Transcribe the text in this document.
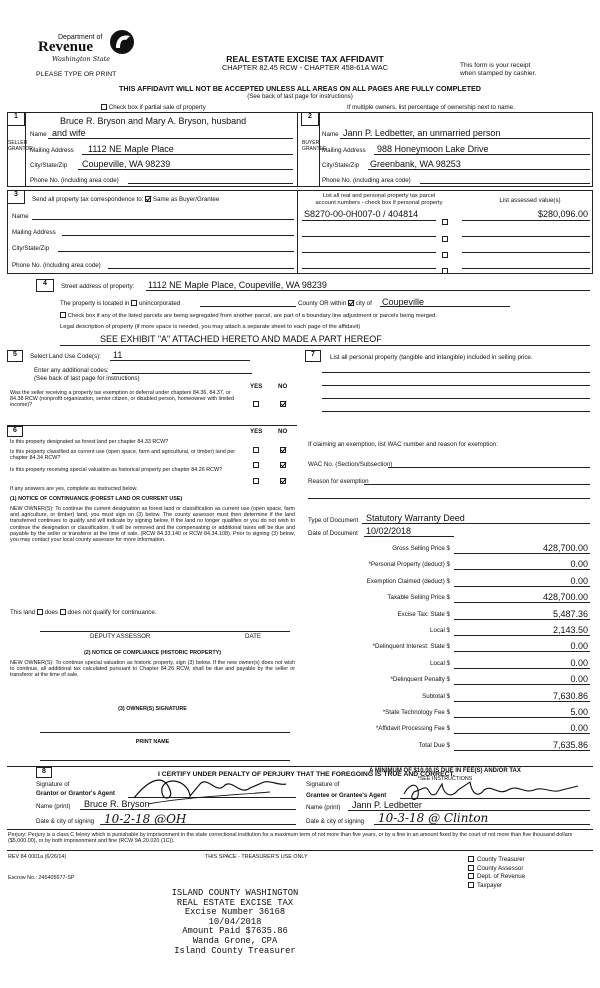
Department of
Revenue
Washington State
PLEASE TYPE OR PRINT
REAL ESTATE EXCISE TAX AFFIDAVIT
CHAPTER 82.45 RCW - CHAPTER 458-61A WAC	This form is your receipt
when stamped by cashier.
THIS AFFIDAVIT WILL NOT BE ACCEPTED UNLESS ALL AREAS ON ALL PAGES ARE FULLY COMPLETED
(See back of last page for instructions)
Check box if partial sale of property	If multiple owners, list percentage of ownership next to name.
1
SELLER GRANTOR
Bruce R. Bryson and Mary A. Bryson, husband
Name and wife
Mailing Address 1112 NE Maple Place
City/State/Zip Coupeville, WA 98239
Phone No. (including area code)
2
BUYER GRANTEE
Name Jann P. Ledbetter, an unmarried person
Mailing Address 988 Honeymoon Lake Drive
City/State/Zip Greenbank, WA 98253
Phone No. (including area code)
3
Send all property tax correspondence to: Same as Buyer/Grantee
Name
Mailing Address
City/State/Zip
Phone No. (including area code)
List all real and personal property tax parcel
account numbers - check box if personal property	List assessed value(s)
S8270-00-0H007-0 / 404814	$280,096.00
4	Street address of property: 1112 NE Maple Place, Coupeville, WA 98239
The property is located in unincorporated	County OR within city of Coupeville
Check box if any of the listed parcels are being segregated from another parcel, are part of a boundary line adjustment or parcels being merged.
Legal description of property (if more space is needed, you may attach a separate sheet to each page of the affidavit)
SEE EXHIBIT "A" ATTACHED HERETO AND MADE A PART HEREOF
5	Select Land Use Code(s): 11
Enter any additional codes:
(See back of last page for instructions)
YES	NO
Was the seller receiving a property tax exemption or deferral under chapters 84.36, 84.37, or 84.38 RCW (nonprofit organization, senior citizen, or disabled person, homeowner with limited income)?
7	List all personal property (tangible and intangible) included in selling price.
6	YES	NO
Is this property designated as forest land per chapter 84.33 RCW?
Is this property classified as current use (open space, farm and agricultural, or timber) land per chapter 84.34 RCW?
Is this property receiving special valuation as historical property per chapter 84.26 RCW?
If any answers are yes, complete as instructed below.
(1) NOTICE OF CONTINUANCE (FOREST LAND OR CURRENT USE)
NEW OWNER(S): To continue the current designation as forest land or classification as current use (open space, farm and agriculture, or timber) land, you must sign on (3) below. The county assessor must then determine if the land transferred continues to qualify and will indicate by signing below. If the land no longer qualifies or you do not wish to continue the designation or classification, it will be removed and the compensating or additional taxes will be due and payable by the seller or transferor at the time of sale. (RCW 84.33.140 or RCW 84.34.108). Prior to signing (3) below, you may contact your local county assessor for more information.
This land does does not qualify for continuance.
DEPUTY ASSESSOR	DATE
(2) NOTICE OF COMPLIANCE (HISTORIC PROPERTY)
NEW OWNER(S): To continue special valuation as historic property, sign (3) below. If the new owner(s) does not wish to continue, all additional tax calculated pursuant to Chapter 84.26 RCW, shall be due and payable by the seller or transferor at the time of sale.
(3) OWNER(S) SIGNATURE
PRINT NAME
If claiming an exemption, list WAC number and reason for exemption:
WAC No. (Section/Subsection)
Reason for exemption
Type of Document Statutory Warranty Deed
Date of Document 10/02/2018
Gross Selling Price $	428,700.00
*Personal Property (deduct) $	0.00
Exemption Claimed (deduct) $	0.00
Taxable Selling Price $	428,700.00
Excise Tax: State $	5,487.36
Local $	2,143.50
*Delinquent Interest: State $	0.00
Local $	0.00
*Delinquent Penalty $	0.00
Subtotal $	7,630.86
*State Technology Fee $	5.00
*Affidavit Processing Fee $	0.00
Total Due $	7,635.86
A MINIMUM OF $10.00 IS DUE IN FEE(S) AND/OR TAX
*SEE INSTRUCTIONS
8	I CERTIFY UNDER PENALTY OF PERJURY THAT THE FOREGOING IS TRUE AND CORRECT.
Signature of
Grantor or Grantor's Agent
Name (print) Bruce R. Bryson
Date & city of signing 10-2-18 @OH
Signature of
Grantee or Grantee's Agent
Name (print) Jann P. Ledbetter
Date & city of signing 10-3-18 @ Clinton
Perjury: Perjury is a class C felony which is punishable by imprisonment in the state correctional institution for a maximum term of not more than five years, or by a fine in an amount fixed by the court of not more than five thousand dollars ($5,000.00), or by both imprisonment and fine (RCW 9A.20.020 (1C)).
REV 84 0001a (6/26/14)	THIS SPACE - TREASURER'S USE ONLY
Escrow No.: 245405677-SP
County Treasurer
County Assessor
Dept. of Revenue
Taxpayer
ISLAND COUNTY WASHINGTON
REAL ESTATE EXCISE TAX
Excise Number 36168
10/04/2018
Amount Paid $7635.86
Wanda Grone, CPA
Island County Treasurer
